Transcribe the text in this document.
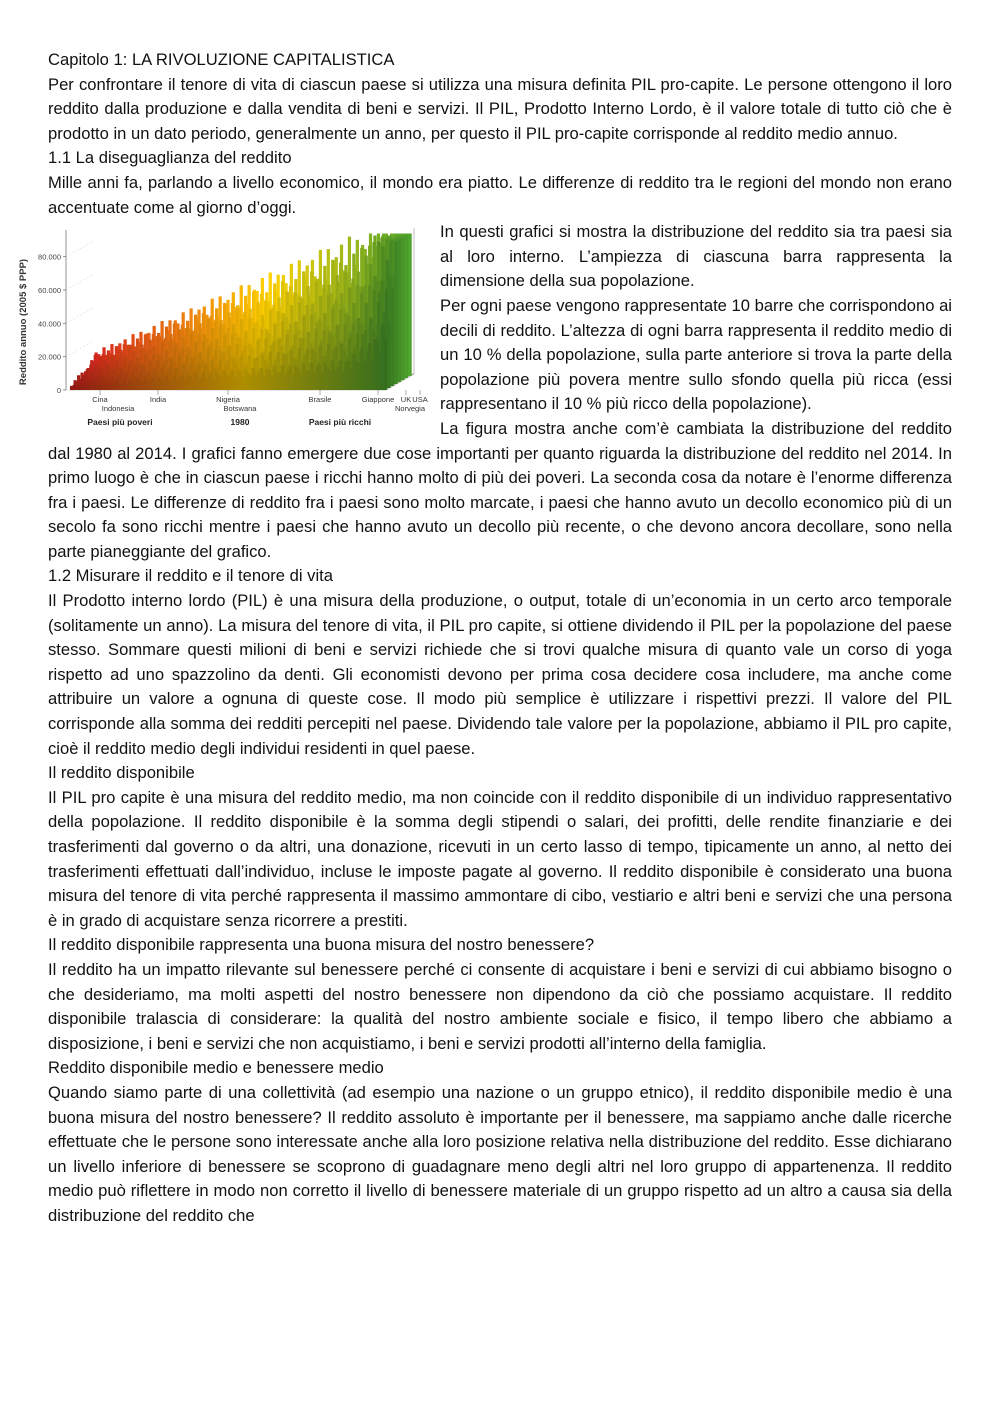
Capitolo 1: LA RIVOLUZIONE CAPITALISTICA

Per confrontare il tenore di vita di ciascun paese si utilizza una misura definita PIL pro-capite. Le persone ottengono il loro reddito dalla produzione e dalla vendita di beni e servizi. Il PIL, Prodotto Interno Lordo, è il valore totale di tutto ciò che è prodotto in un dato periodo, generalmente un anno, per questo il PIL pro-capite corrisponde al reddito medio annuo.

1.1 La diseguaglianza del reddito

Mille anni fa, parlando a livello economico, il mondo era piatto. Le differenze di reddito tra le regioni del mondo non erano accentuate come al giorno d’oggi.

Reddito annuo (2005 $ PPP)
0
20.000
40.000
60.000
80.000
Cina	India	Nigeria	Brasile	Giappone UK USA
Indonesia	Botswana	Norvegia
Paesi più poveri	1980	Paesi più ricchi

In questi grafici si mostra la distribuzione del reddito sia tra paesi sia al loro interno. L’ampiezza di ciascuna barra rappresenta la dimensione della sua popolazione.

Per ogni paese vengono rappresentate 10 barre che corrispondono ai decili di reddito. L’altezza di ogni barra rappresenta il reddito medio di un 10 % della popolazione, sulla parte anteriore si trova la parte della popolazione più povera mentre sullo sfondo quella più ricca (essi rappresentano il 10 % più ricco della popolazione).

La figura mostra anche com’è cambiata la distribuzione del reddito dal 1980 al 2014. I grafici fanno emergere due cose importanti per quanto riguarda la distribuzione del reddito nel 2014. In primo luogo è che in ciascun paese i ricchi hanno molto di più dei poveri. La seconda cosa da notare è l’enorme differenza fra i paesi. Le differenze di reddito fra i paesi sono molto marcate, i paesi che hanno avuto un decollo economico più di un secolo fa sono ricchi mentre i paesi che hanno avuto un decollo più recente, o che devono ancora decollare, sono nella parte pianeggiante del grafico.

1.2 Misurare il reddito e il tenore di vita

Il Prodotto interno lordo (PIL) è una misura della produzione, o output, totale di un’economia in un certo arco temporale (solitamente un anno). La misura del tenore di vita, il PIL pro capite, si ottiene dividendo il PIL per la popolazione del paese stesso. Sommare questi milioni di beni e servizi richiede che si trovi qualche misura di quanto vale un corso di yoga rispetto ad uno spazzolino da denti. Gli economisti devono per prima cosa decidere cosa includere, ma anche come attribuire un valore a ognuna di queste cose. Il modo più semplice è utilizzare i rispettivi prezzi. Il valore del PIL corrisponde alla somma dei redditi percepiti nel paese. Dividendo tale valore per la popolazione, abbiamo il PIL pro capite, cioè il reddito medio degli individui residenti in quel paese.

Il reddito disponibile

Il PIL pro capite è una misura del reddito medio, ma non coincide con il reddito disponibile di un individuo rappresentativo della popolazione. Il reddito disponibile è la somma degli stipendi o salari, dei profitti, delle rendite finanziarie e dei trasferimenti dal governo o da altri, una donazione, ricevuti in un certo lasso di tempo, tipicamente un anno, al netto dei trasferimenti effettuati dall’individuo, incluse le imposte pagate al governo. Il reddito disponibile è considerato una buona misura del tenore di vita perché rappresenta il massimo ammontare di cibo, vestiario e altri beni e servizi che una persona è in grado di acquistare senza ricorrere a prestiti.

Il reddito disponibile rappresenta una buona misura del nostro benessere?

Il reddito ha un impatto rilevante sul benessere perché ci consente di acquistare i beni e servizi di cui abbiamo bisogno o che desideriamo, ma molti aspetti del nostro benessere non dipendono da ciò che possiamo acquistare. Il reddito disponibile tralascia di considerare: la qualità del nostro ambiente sociale e fisico, il tempo libero che abbiamo a disposizione, i beni e servizi che non acquistiamo, i beni e servizi prodotti all’interno della famiglia.

Reddito disponibile medio e benessere medio

Quando siamo parte di una collettività (ad esempio una nazione o un gruppo etnico), il reddito disponibile medio è una buona misura del nostro benessere? Il reddito assoluto è importante per il benessere, ma sappiamo anche dalle ricerche effettuate che le persone sono interessate anche alla loro posizione relativa nella distribuzione del reddito. Esse dichiarano un livello inferiore di benessere se scoprono di guadagnare meno degli altri nel loro gruppo di appartenenza. Il reddito medio può riflettere in modo non corretto il livello di benessere materiale di un gruppo rispetto ad un altro a causa sia della distribuzione del reddito che
